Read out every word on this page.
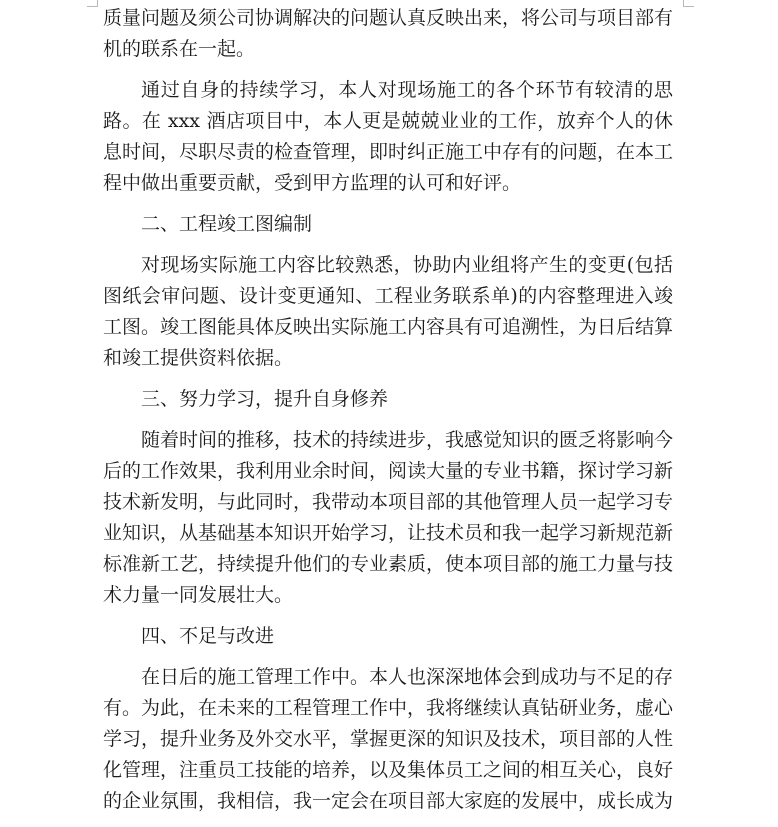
质量问题及须公司协调解决的问题认真反映出来，将公司与项目部有机的联系在一起。

通过自身的持续学习，本人对现场施工的各个环节有较清的思路。在 xxx 酒店项目中，本人更是兢兢业业的工作，放弃个人的休息时间，尽职尽责的检查管理，即时纠正施工中存有的问题，在本工程中做出重要贡献，受到甲方监理的认可和好评。

二、工程竣工图编制

对现场实际施工内容比较熟悉，协助内业组将产生的变更(包括图纸会审问题、设计变更通知、工程业务联系单)的内容整理进入竣工图。竣工图能具体反映出实际施工内容具有可追溯性，为日后结算和竣工提供资料依据。

三、努力学习，提升自身修养

随着时间的推移，技术的持续进步，我感觉知识的匮乏将影响今后的工作效果，我利用业余时间，阅读大量的专业书籍，探讨学习新技术新发明，与此同时，我带动本项目部的其他管理人员一起学习专业知识，从基础基本知识开始学习，让技术员和我一起学习新规范新标准新工艺，持续提升他们的专业素质，使本项目部的施工力量与技术力量一同发展壮大。

四、不足与改进

在日后的施工管理工作中。本人也深深地体会到成功与不足的存有。为此，在未来的工程管理工作中，我将继续认真钻研业务，虚心学习，提升业务及外交水平，掌握更深的知识及技术，项目部的人性化管理，注重员工技能的培养，以及集体员工之间的相互关心，良好的企业氛围，我相信，我一定会在项目部大家庭的发展中，成长成为
